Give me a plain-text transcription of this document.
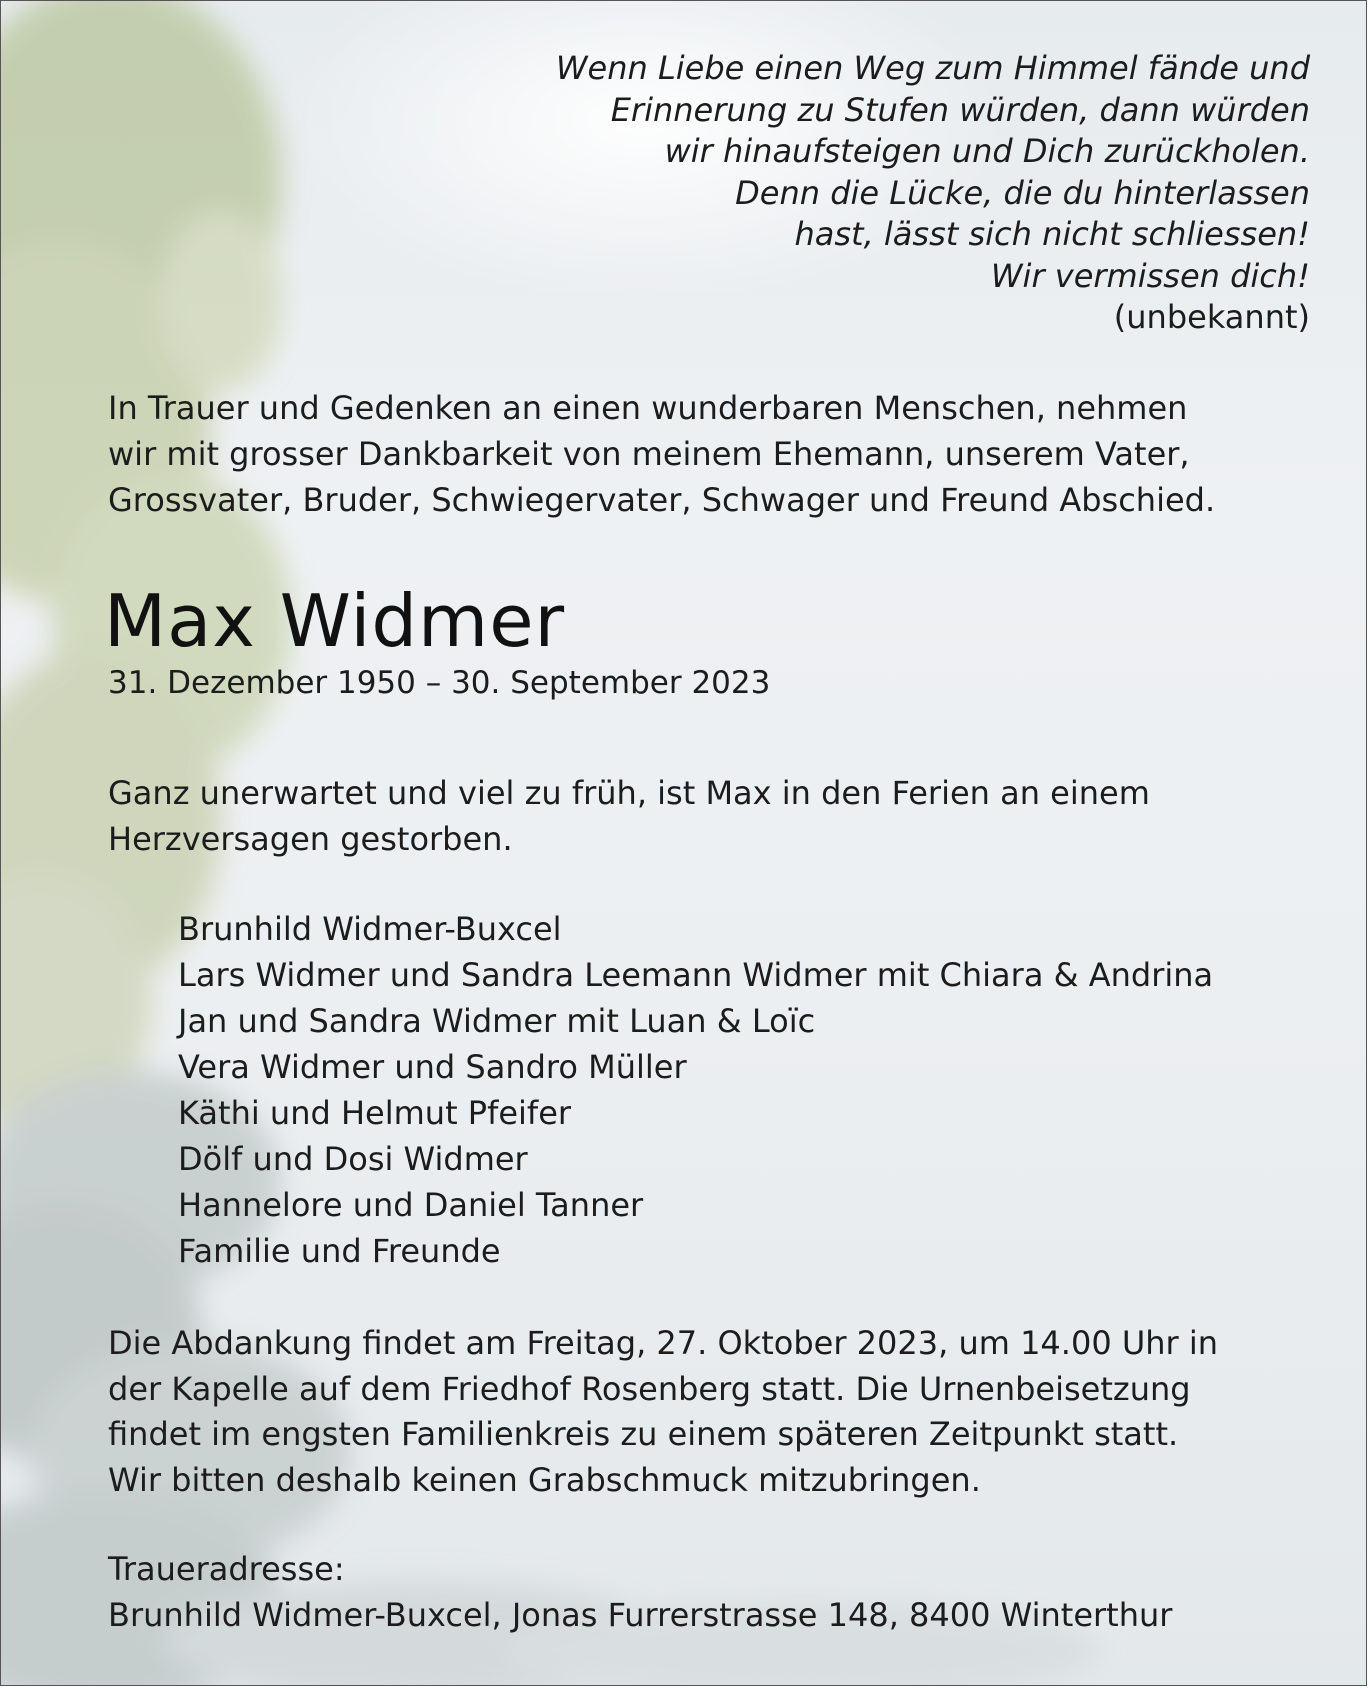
Wenn Liebe einen Weg zum Himmel fände und

Erinnerung zu Stufen würden, dann würden

wir hinaufsteigen und Dich zurückholen.

Denn die Lücke, die du hinterlassen

hast, lässt sich nicht schliessen!

Wir vermissen dich!

(unbekannt)

In Trauer und Gedenken an einen wunderbaren Menschen, nehmen

wir mit grosser Dankbarkeit von meinem Ehemann, unserem Vater,

Grossvater, Bruder, Schwiegervater, Schwager und Freund Abschied.

Max Widmer
31. Dezember 1950 – 30. September 2023

Ganz unerwartet und viel zu früh, ist Max in den Ferien an einem

Herzversagen gestorben.

Brunhild Widmer-Buxcel
Lars Widmer und Sandra Leemann Widmer mit Chiara & Andrina
Jan und Sandra Widmer mit Luan & Loïc
Vera Widmer und Sandro Müller
Käthi und Helmut Pfeifer
Dölf und Dosi Widmer
Hannelore und Daniel Tanner
Familie und Freunde

Die Abdankung findet am Freitag, 27. Oktober 2023, um 14.00 Uhr in

der Kapelle auf dem Friedhof Rosenberg statt. Die Urnenbeisetzung

findet im engsten Familienkreis zu einem späteren Zeitpunkt statt.

Wir bitten deshalb keinen Grabschmuck mitzubringen.

Traueradresse:

Brunhild Widmer-Buxcel, Jonas Furrerstrasse 148, 8400 Winterthur
